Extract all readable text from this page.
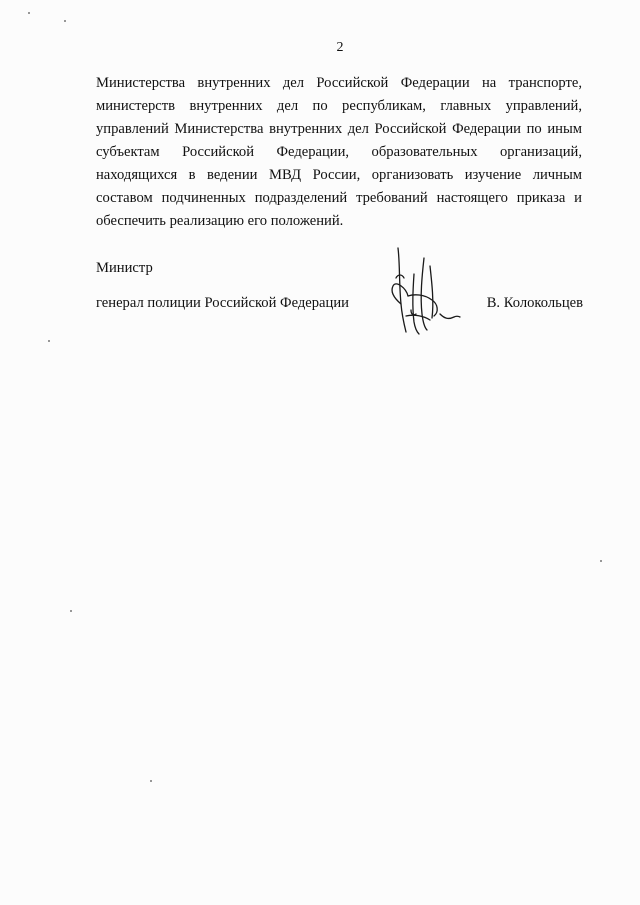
2
Министерства внутренних дел Российской Федерации на транспорте,
министерств внутренних дел по республикам, главных управлений,
управлений Министерства внутренних дел Российской Федерации по иным
субъектам Российской Федерации, образовательных организаций,
находящихся в ведении МВД России, организовать изучение личным
составом подчиненных подразделений требований настоящего приказа и
обеспечить реализацию его положений.
Министр
генерал полиции Российской Федерации	В. Колокольцев
